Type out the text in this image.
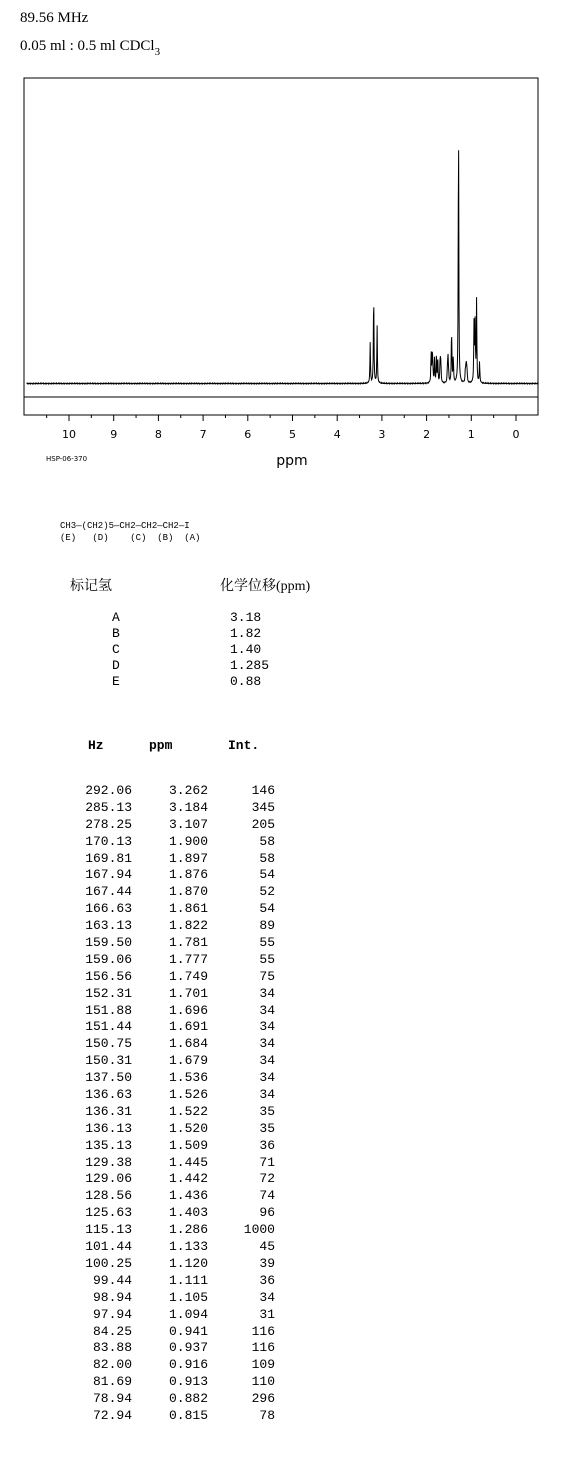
89.56 MHz
0.05 ml : 0.5 ml CDCl$_3$
10	9	8	7	6	5	4	3	2	1	0
ppm
HSP-06-370
CH3—(CH2)5—CH2—CH2—CH2—I
(E)   (D)    (C)  (B)  (A)
标记氢	化学位移(ppm)
A	3.18
B	1.82
C	1.40
D	1.285
E	0.88
Hz	ppm	Int.
292.06	3.262	146
285.13	3.184	345
278.25	3.107	205
170.13	1.900	58
169.81	1.897	58
167.94	1.876	54
167.44	1.870	52
166.63	1.861	54
163.13	1.822	89
159.50	1.781	55
159.06	1.777	55
156.56	1.749	75
152.31	1.701	34
151.88	1.696	34
151.44	1.691	34
150.75	1.684	34
150.31	1.679	34
137.50	1.536	34
136.63	1.526	34
136.31	1.522	35
136.13	1.520	35
135.13	1.509	36
129.38	1.445	71
129.06	1.442	72
128.56	1.436	74
125.63	1.403	96
115.13	1.286	1000
101.44	1.133	45
100.25	1.120	39
99.44	1.111	36
98.94	1.105	34
97.94	1.094	31
84.25	0.941	116
83.88	0.937	116
82.00	0.916	109
81.69	0.913	110
78.94	0.882	296
72.94	0.815	78
